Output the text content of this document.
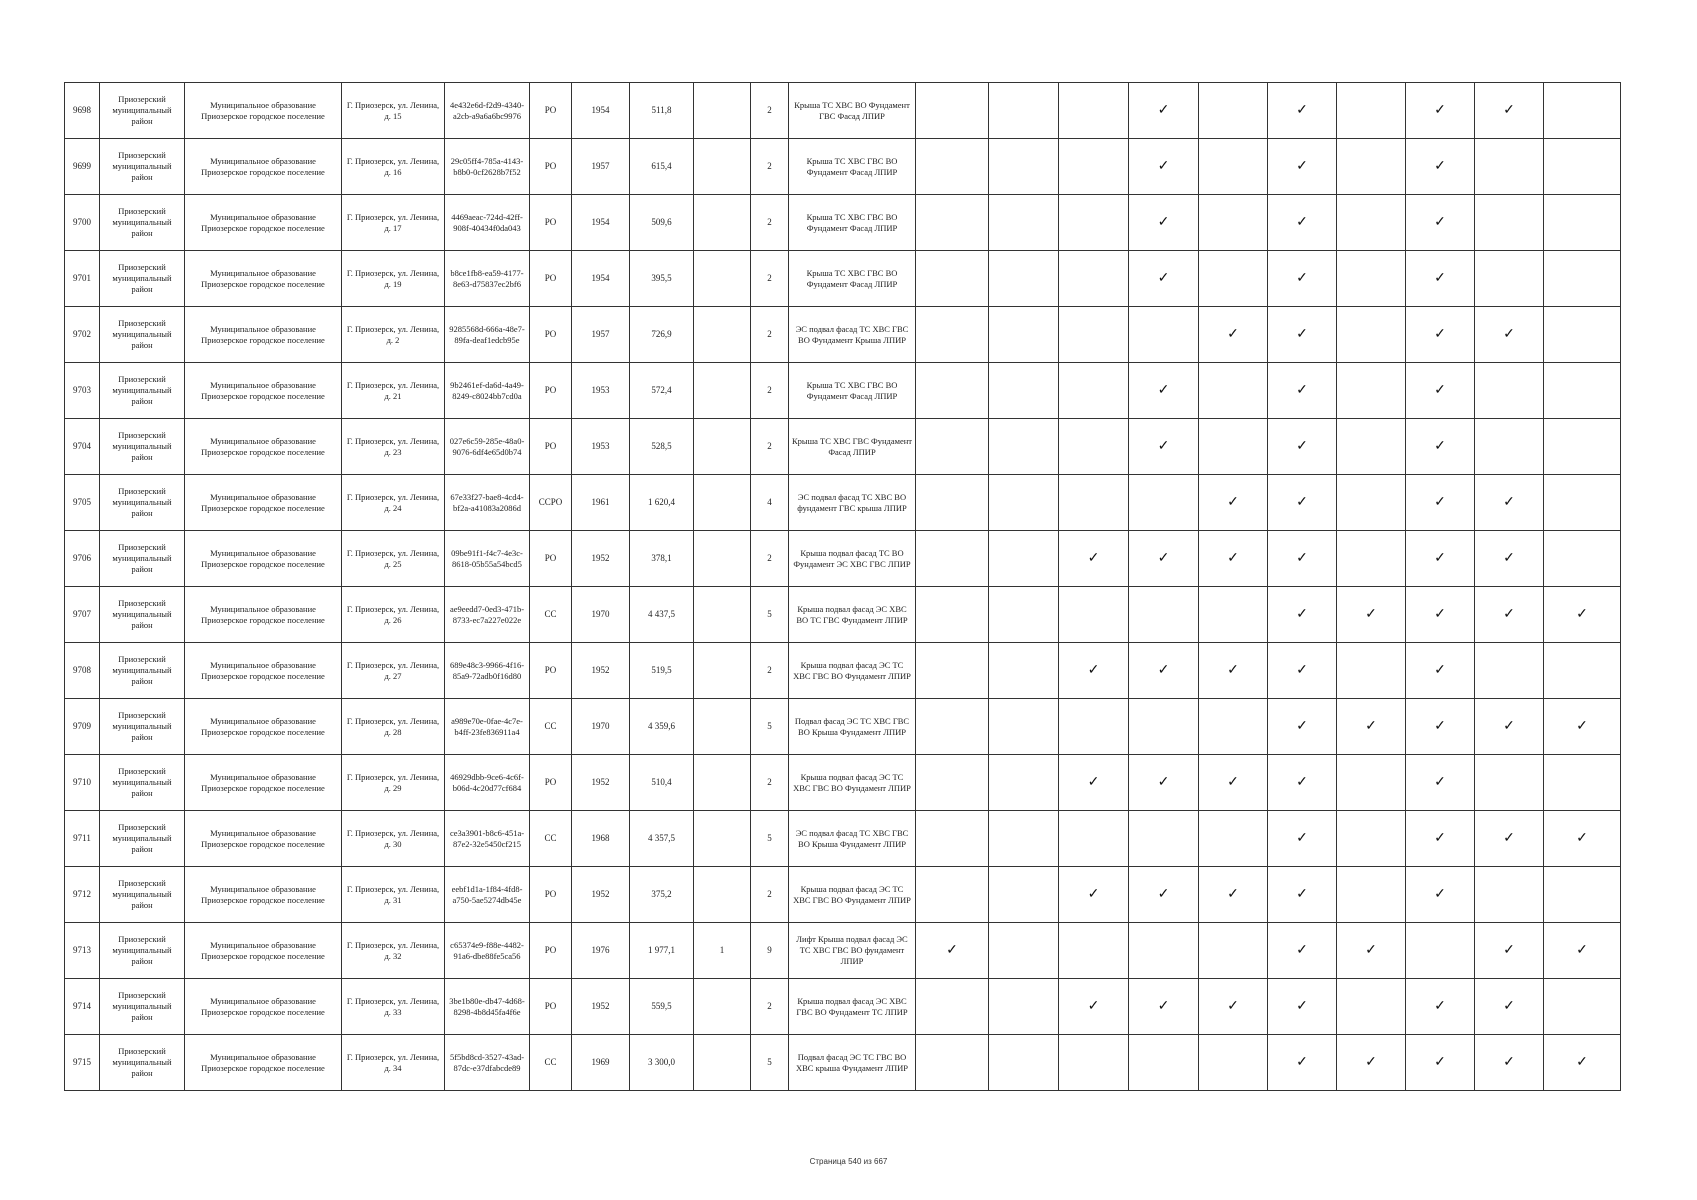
9698	Приозерский муниципальный район	Муниципальное образование Приозерское городское поселение	Г. Приозерск, ул. Ленина, д. 15	4e432e6d-f2d9-4340-a2cb-a9a6a6bc9976	РО	1954	511,8		2	Крыша ТС ХВС ВО Фундамент ГВС Фасад ЛПИР				✓		✓		✓	✓	
9699	Приозерский муниципальный район	Муниципальное образование Приозерское городское поселение	Г. Приозерск, ул. Ленина, д. 16	29c05ff4-785a-4143-b8b0-0cf2628b7f52	РО	1957	615,4		2	Крыша ТС ХВС ГВС ВО Фундамент Фасад ЛПИР				✓		✓		✓		
9700	Приозерский муниципальный район	Муниципальное образование Приозерское городское поселение	Г. Приозерск, ул. Ленина, д. 17	4469aeac-724d-42ff-908f-40434f0da043	РО	1954	509,6		2	Крыша ТС ХВС ГВС ВО Фундамент Фасад ЛПИР				✓		✓		✓		
9701	Приозерский муниципальный район	Муниципальное образование Приозерское городское поселение	Г. Приозерск, ул. Ленина, д. 19	b8ce1fb8-ea59-4177-8e63-d75837ec2bf6	РО	1954	395,5		2	Крыша ТС ХВС ГВС ВО Фундамент Фасад ЛПИР				✓		✓		✓		
9702	Приозерский муниципальный район	Муниципальное образование Приозерское городское поселение	Г. Приозерск, ул. Ленина, д. 2	9285568d-666a-48e7-89fa-deaf1edcb95e	РО	1957	726,9		2	ЭС подвал фасад ТС ХВС ГВС ВО Фундамент Крыша ЛПИР					✓	✓		✓	✓	
9703	Приозерский муниципальный район	Муниципальное образование Приозерское городское поселение	Г. Приозерск, ул. Ленина, д. 21	9b2461ef-da6d-4a49-8249-c8024bb7cd0a	РО	1953	572,4		2	Крыша ТС ХВС ГВС ВО Фундамент Фасад ЛПИР				✓		✓		✓		
9704	Приозерский муниципальный район	Муниципальное образование Приозерское городское поселение	Г. Приозерск, ул. Ленина, д. 23	027e6c59-285e-48a0-9076-6df4e65d0b74	РО	1953	528,5		2	Крыша ТС ХВС ГВС Фундамент Фасад ЛПИР				✓		✓		✓		
9705	Приозерский муниципальный район	Муниципальное образование Приозерское городское поселение	Г. Приозерск, ул. Ленина, д. 24	67e33f27-bae8-4cd4-bf2a-a41083a2086d	ССРО	1961	1 620,4		4	ЭС подвал фасад ТС ХВС ВО фундамент ГВС крыша ЛПИР					✓	✓		✓	✓	
9706	Приозерский муниципальный район	Муниципальное образование Приозерское городское поселение	Г. Приозерск, ул. Ленина, д. 25	09be91f1-f4c7-4e3c-8618-05b55a54bcd5	РО	1952	378,1		2	Крыша подвал фасад ТС ВО Фундамент ЭС ХВС ГВС ЛПИР			✓	✓	✓	✓		✓	✓	
9707	Приозерский муниципальный район	Муниципальное образование Приозерское городское поселение	Г. Приозерск, ул. Ленина, д. 26	ae9eedd7-0ed3-471b-8733-ec7a227e022e	СС	1970	4 437,5		5	Крыша подвал фасад ЭС ХВС ВО ТС ГВС Фундамент ЛПИР						✓	✓	✓	✓	✓
9708	Приозерский муниципальный район	Муниципальное образование Приозерское городское поселение	Г. Приозерск, ул. Ленина, д. 27	689e48c3-9966-4f16-85a9-72adb0f16d80	РО	1952	519,5		2	Крыша подвал фасад ЭС ТС ХВС ГВС ВО Фундамент ЛПИР			✓	✓	✓	✓		✓		
9709	Приозерский муниципальный район	Муниципальное образование Приозерское городское поселение	Г. Приозерск, ул. Ленина, д. 28	a989e70e-0fae-4c7e-b4ff-23fe836911a4	СС	1970	4 359,6		5	Подвал фасад ЭС ТС ХВС ГВС ВО Крыша Фундамент ЛПИР						✓	✓	✓	✓	✓
9710	Приозерский муниципальный район	Муниципальное образование Приозерское городское поселение	Г. Приозерск, ул. Ленина, д. 29	46929dbb-9ce6-4c6f-b06d-4c20d77cf684	РО	1952	510,4		2	Крыша подвал фасад ЭС ТС ХВС ГВС ВО Фундамент ЛПИР			✓	✓	✓	✓		✓		
9711	Приозерский муниципальный район	Муниципальное образование Приозерское городское поселение	Г. Приозерск, ул. Ленина, д. 30	ce3a3901-b8c6-451a-87e2-32e5450cf215	СС	1968	4 357,5		5	ЭС подвал фасад ТС ХВС ГВС ВО Крыша Фундамент ЛПИР						✓		✓	✓	✓
9712	Приозерский муниципальный район	Муниципальное образование Приозерское городское поселение	Г. Приозерск, ул. Ленина, д. 31	eebf1d1a-1f84-4fd8-a750-5ae5274db45e	РО	1952	375,2		2	Крыша подвал фасад ЭС ТС ХВС ГВС ВО Фундамент ЛПИР			✓	✓	✓	✓		✓		
9713	Приозерский муниципальный район	Муниципальное образование Приозерское городское поселение	Г. Приозерск, ул. Ленина, д. 32	c65374e9-f88e-4482-91a6-dbe88fe5ca56	РО	1976	1 977,1	1	9	Лифт Крыша подвал фасад ЭС ТС ХВС ГВС ВО фундамент ЛПИР	✓					✓	✓		✓	✓
9714	Приозерский муниципальный район	Муниципальное образование Приозерское городское поселение	Г. Приозерск, ул. Ленина, д. 33	3be1b80e-db47-4d68-8298-4b8d45fa4f6e	РО	1952	559,5		2	Крыша подвал фасад ЭС ХВС ГВС ВО Фундамент ТС ЛПИР			✓	✓	✓	✓		✓	✓	
9715	Приозерский муниципальный район	Муниципальное образование Приозерское городское поселение	Г. Приозерск, ул. Ленина, д. 34	5f5bd8cd-3527-43ad-87dc-e37dfabcde89	СС	1969	3 300,0		5	Подвал фасад ЭС ТС ГВС ВО ХВС крыша Фундамент ЛПИР						✓	✓	✓	✓	✓
Страница 540 из 667
